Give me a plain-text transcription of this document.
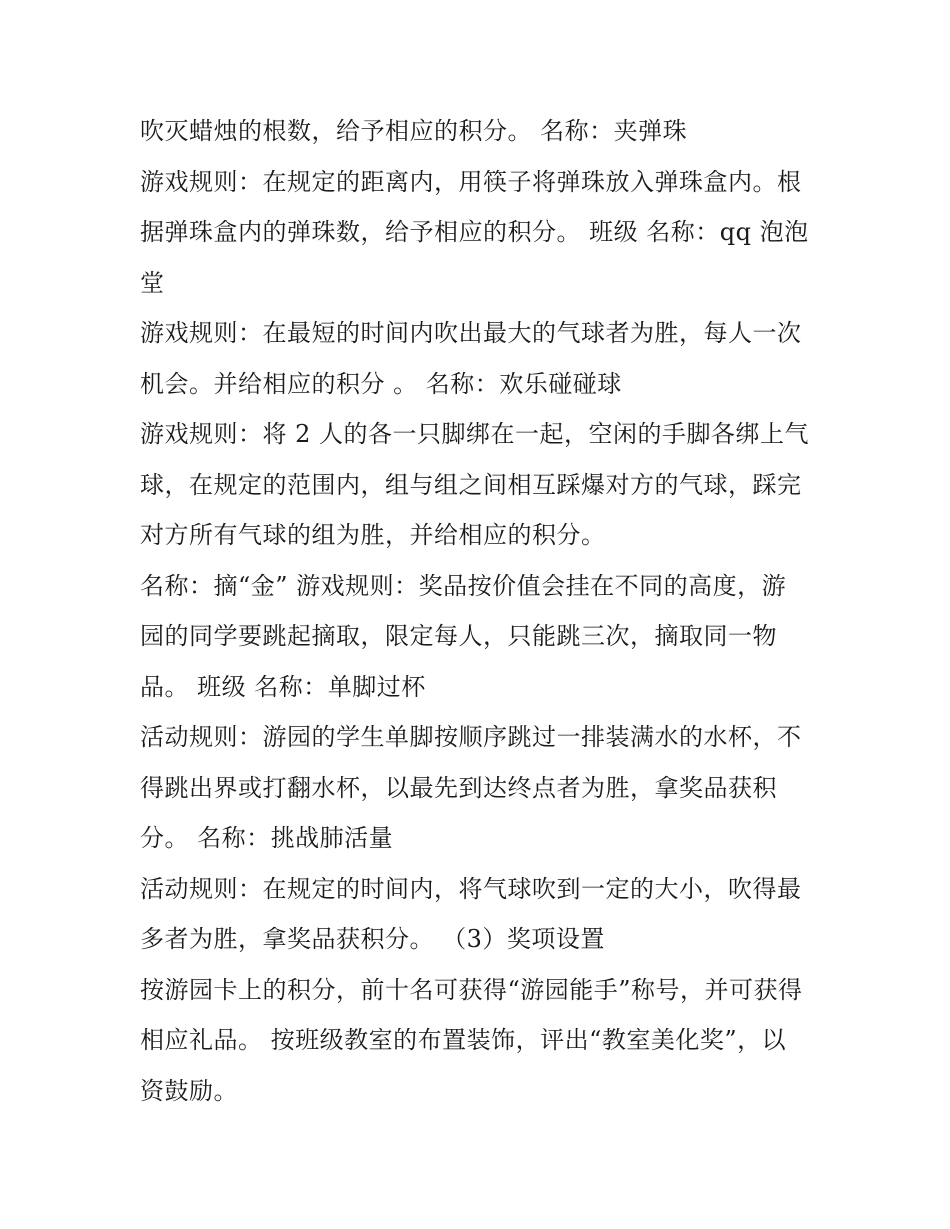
吹灭蜡烛的根数，给予相应的积分。 名称：夹弹珠
游戏规则：在规定的距离内，用筷子将弹珠放入弹珠盒内。根
据弹珠盒内的弹珠数，给予相应的积分。 班级 名称：qq 泡泡
堂
游戏规则：在最短的时间内吹出最大的气球者为胜，每人一次
机会。并给相应的积分 。 名称：欢乐碰碰球
游戏规则：将 2 人的各一只脚绑在一起，空闲的手脚各绑上气
球，在规定的范围内，组与组之间相互踩爆对方的气球，踩完
对方所有气球的组为胜，并给相应的积分。
名称：摘“金” 游戏规则：奖品按价值会挂在不同的高度，游
园的同学要跳起摘取，限定每人，只能跳三次，摘取同一物
品。 班级 名称：单脚过杯
活动规则：游园的学生单脚按顺序跳过一排装满水的水杯，不
得跳出界或打翻水杯，以最先到达终点者为胜，拿奖品获积
分。 名称：挑战肺活量
活动规则：在规定的时间内，将气球吹到一定的大小，吹得最
多者为胜，拿奖品获积分。 （3）奖项设置
按游园卡上的积分，前十名可获得“游园能手”称号，并可获得
相应礼品。 按班级教室的布置装饰，评出“教室美化奖”，以
资鼓励。
